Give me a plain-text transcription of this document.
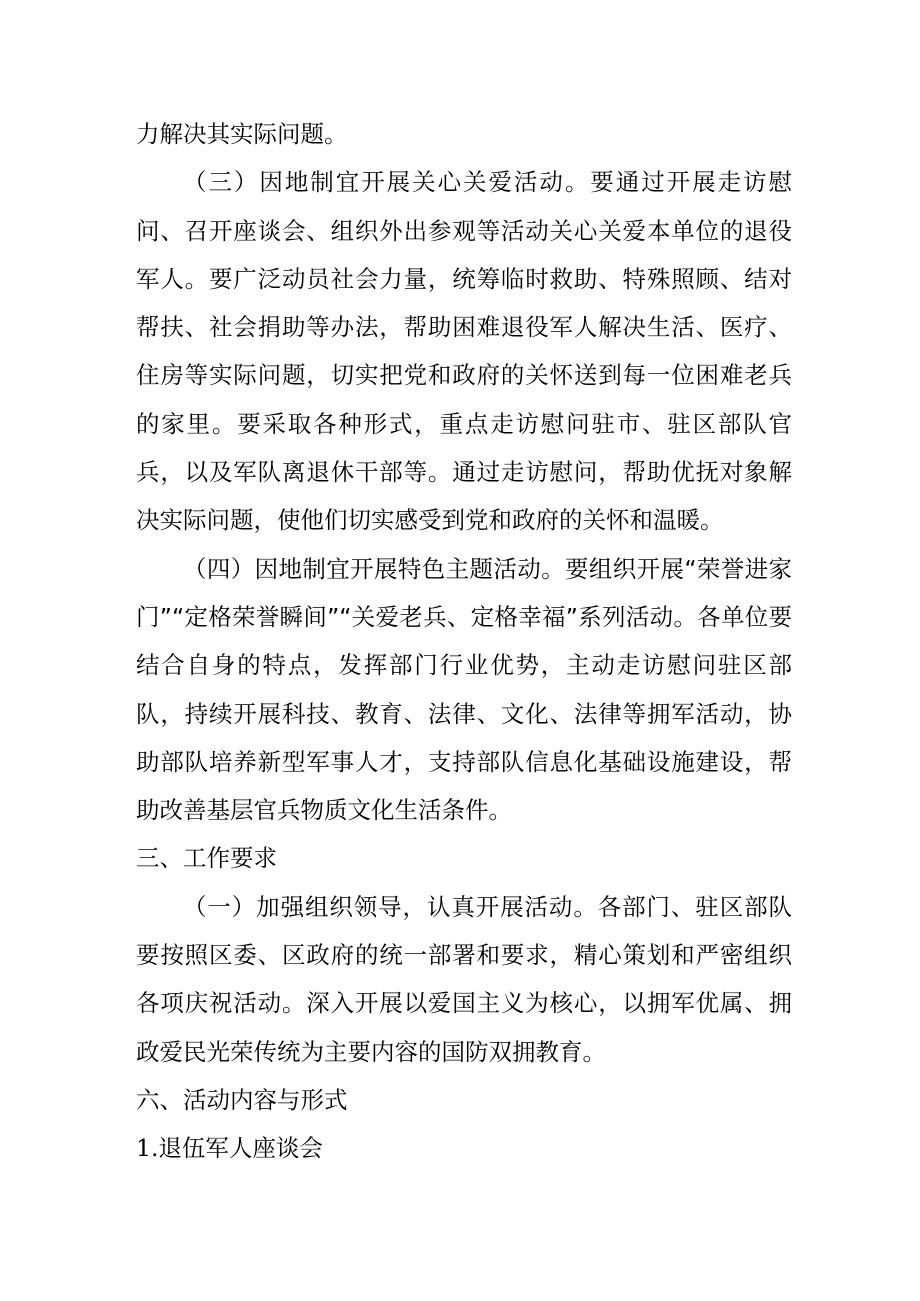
力解决其实际问题。

（三）因地制宜开展关心关爱活动。要通过开展走访慰问、召开座谈会、组织外出参观等活动关心关爱本单位的退役军人。要广泛动员社会力量，统筹临时救助、特殊照顾、结对帮扶、社会捐助等办法，帮助困难退役军人解决生活、医疗、住房等实际问题，切实把党和政府的关怀送到每一位困难老兵的家里。要采取各种形式，重点走访慰问驻市、驻区部队官兵，以及军队离退休干部等。通过走访慰问，帮助优抚对象解决实际问题，使他们切实感受到党和政府的关怀和温暖。

（四）因地制宜开展特色主题活动。要组织开展“荣誉进家门”“定格荣誉瞬间”“关爱老兵、定格幸福”系列活动。各单位要结合自身的特点，发挥部门行业优势，主动走访慰问驻区部队，持续开展科技、教育、法律、文化、法律等拥军活动，协助部队培养新型军事人才，支持部队信息化基础设施建设，帮助改善基层官兵物质文化生活条件。

三、工作要求

（一）加强组织领导，认真开展活动。各部门、驻区部队要按照区委、区政府的统一部署和要求，精心策划和严密组织各项庆祝活动。深入开展以爱国主义为核心，以拥军优属、拥政爱民光荣传统为主要内容的国防双拥教育。

六、活动内容与形式

1.退伍军人座谈会
